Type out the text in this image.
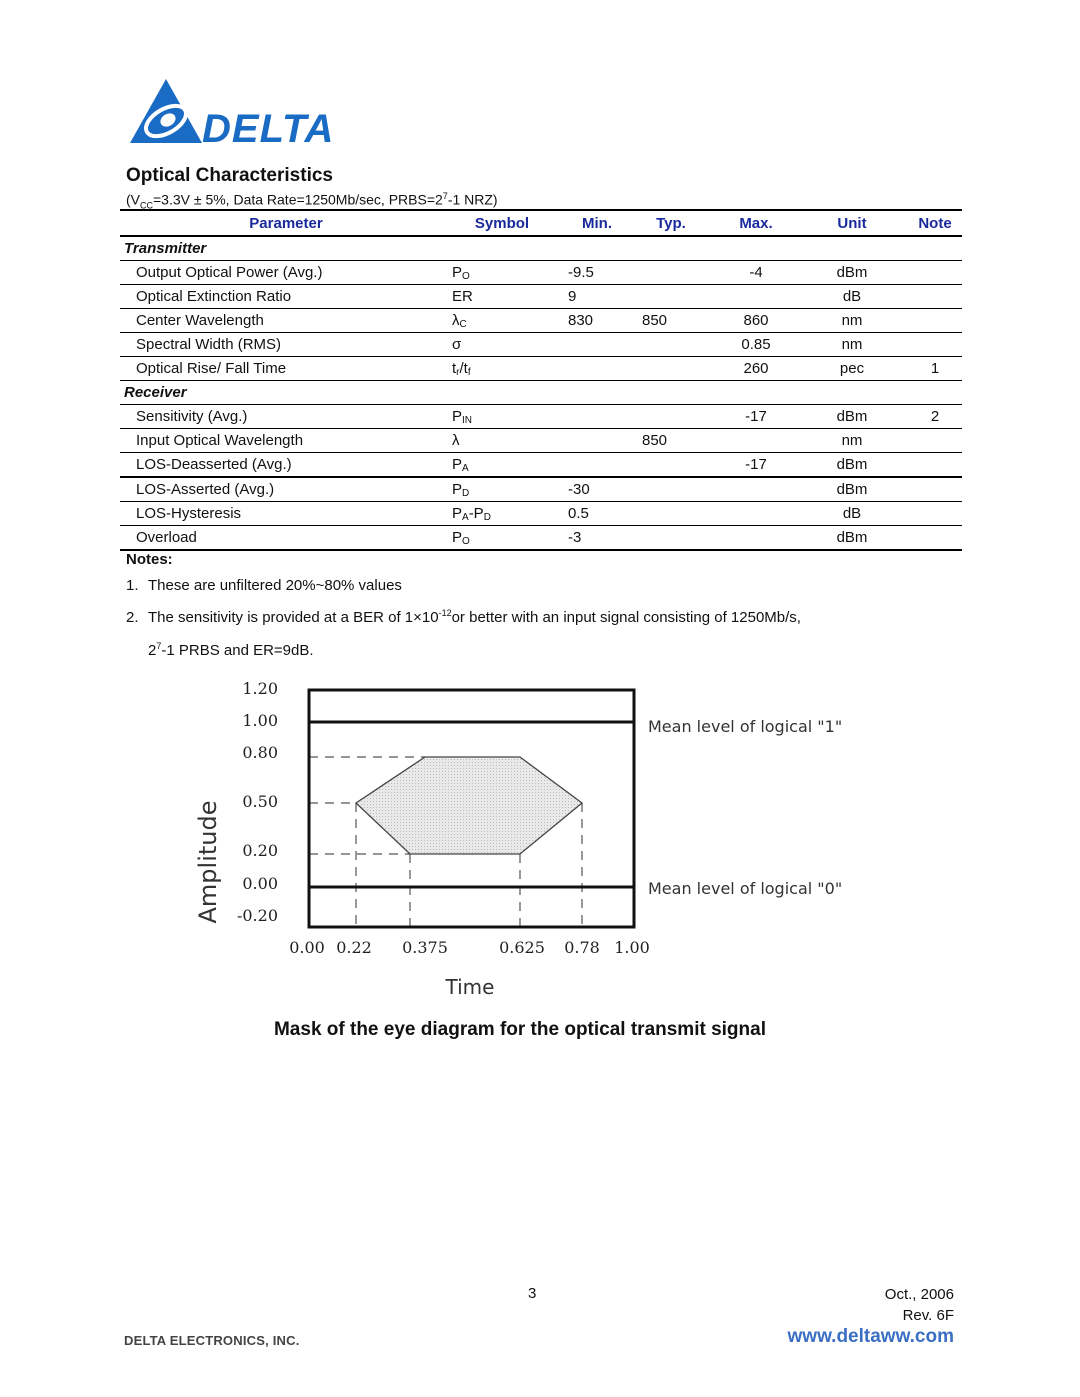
DELTA
Optical Characteristics
($V_{CC}=3.3V \pm 5\%$, Data Rate=1250Mb/sec, $PRBS=2^7-1$ NRZ)
Parameter	Symbol	Min.	Typ.	Max.	Unit	Note
Transmitter						
Output Optical Power (Avg.)	$P_O$	-9.5		-4	dBm	
Optical Extinction Ratio	ER	9			dB	
Center Wavelength	$\lambda_C$	830	850	860	nm	
Spectral Width (RMS)	σ			0.85	nm	
Optical Rise/ Fall Time	$t_r/t_f$			260	pec	1
Receiver						
Sensitivity (Avg.)	$P_{IN}$			-17	dBm	2
Input Optical Wavelength	λ		850		nm	
LOS-Deasserted (Avg.)	$P_A$			-17	dBm	
LOS-Asserted (Avg.)	$P_D$	-30			dBm	
LOS-Hysteresis	$P_A-P_D$	0.5			dB	
Overload	$P_O$	-3			dBm	
Notes:
1. These are unfiltered 20%~80% values
2. The sensitivity is provided at a BER of $1\times 10^{-12}or$ better with an input signal consisting of 1250Mb/s,
$2^7-1$ PRBS and ER=9dB.
Amplitude
1.20
1.00
0.80
0.50
0.20
0.00
-0.20
0.00 0.22 0.375	0.625 0.78 1.00
Mean level of logical "1"
Mean level of logical "0"
Time
Mask of the eye diagram for the optical transmit signal
3	Oct., 2006
Rev. 6F
DELTA ELECTRONICS, INC.	www.deltaww.com
